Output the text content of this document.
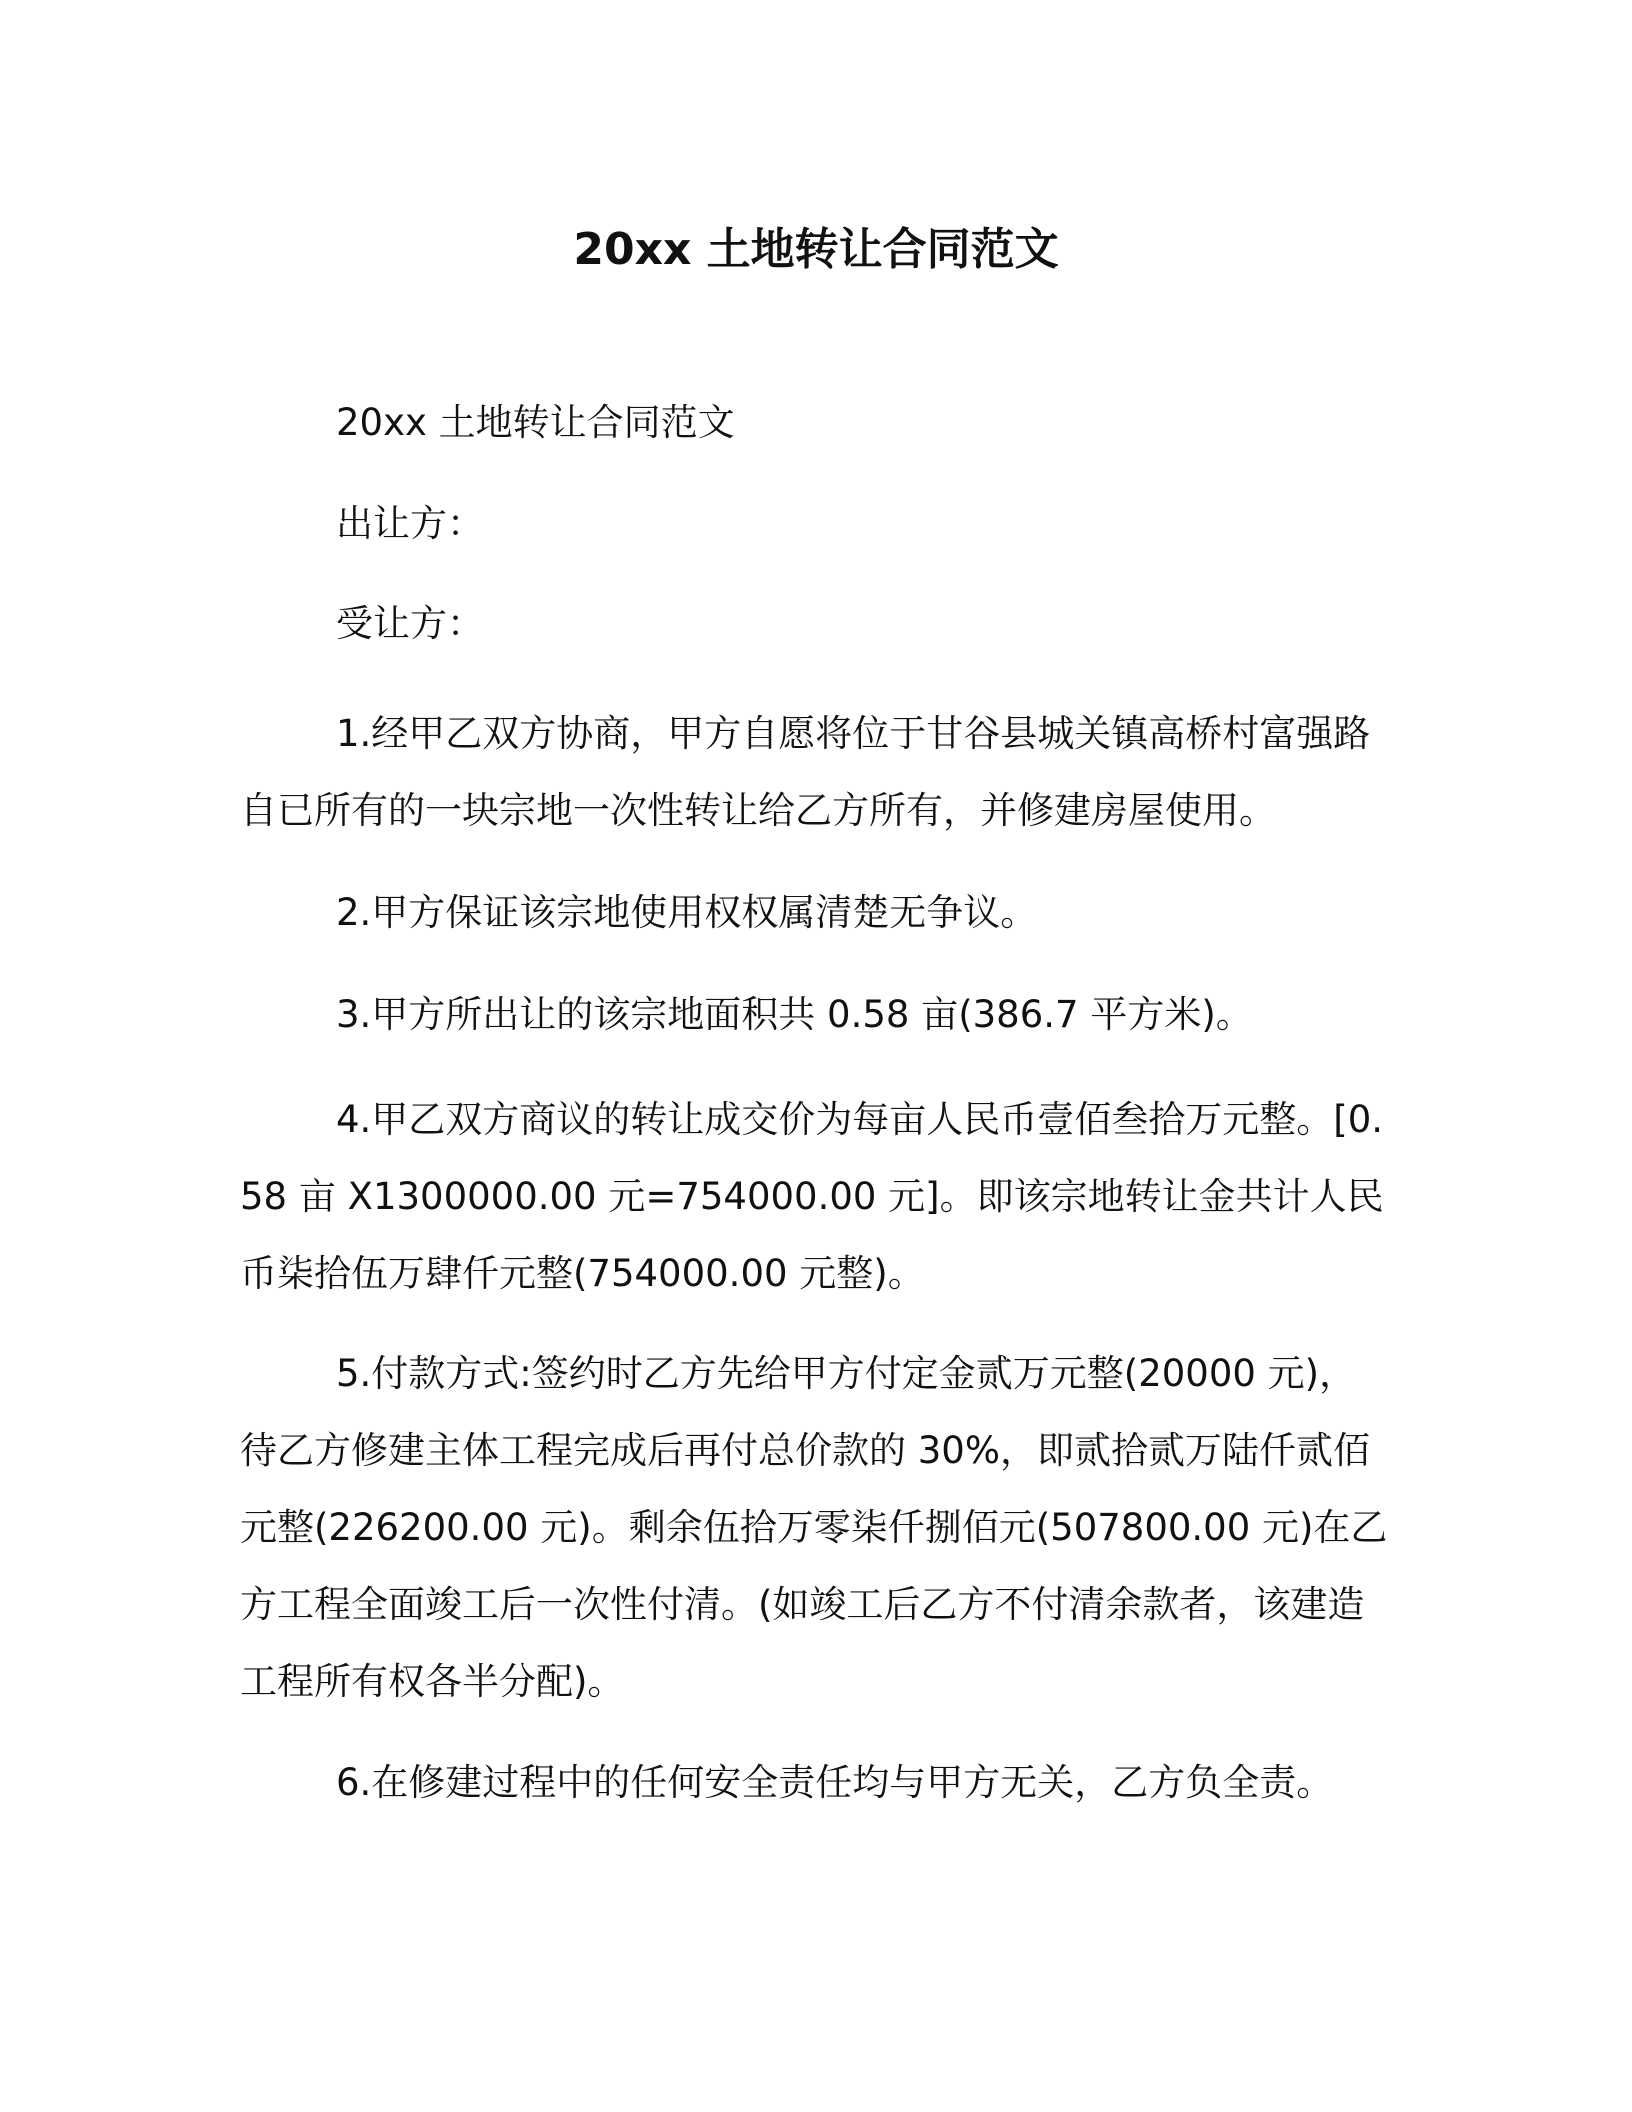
20xx 土地转让合同范文

20xx 土地转让合同范文

出让方：

受让方：

1.经甲乙双方协商，甲方自愿将位于甘谷县城关镇高桥村富强路自已所有的一块宗地一次性转让给乙方所有，并修建房屋使用。

2.甲方保证该宗地使用权权属清楚无争议。

3.甲方所出让的该宗地面积共 0.58 亩(386.7 平方米)。

4.甲乙双方商议的转让成交价为每亩人民币壹佰叁拾万元整。[0.58 亩 X1300000.00 元=754000.00 元]。即该宗地转让金共计人民币柒拾伍万肆仟元整(754000.00 元整)。

5.付款方式:签约时乙方先给甲方付定金贰万元整(20000 元)，待乙方修建主体工程完成后再付总价款的 30%，即贰拾贰万陆仟贰佰元整(226200.00 元)。剩余伍拾万零柒仟捌佰元(507800.00 元)在乙方工程全面竣工后一次性付清。(如竣工后乙方不付清余款者，该建造工程所有权各半分配)。

6.在修建过程中的任何安全责任均与甲方无关，乙方负全责。
